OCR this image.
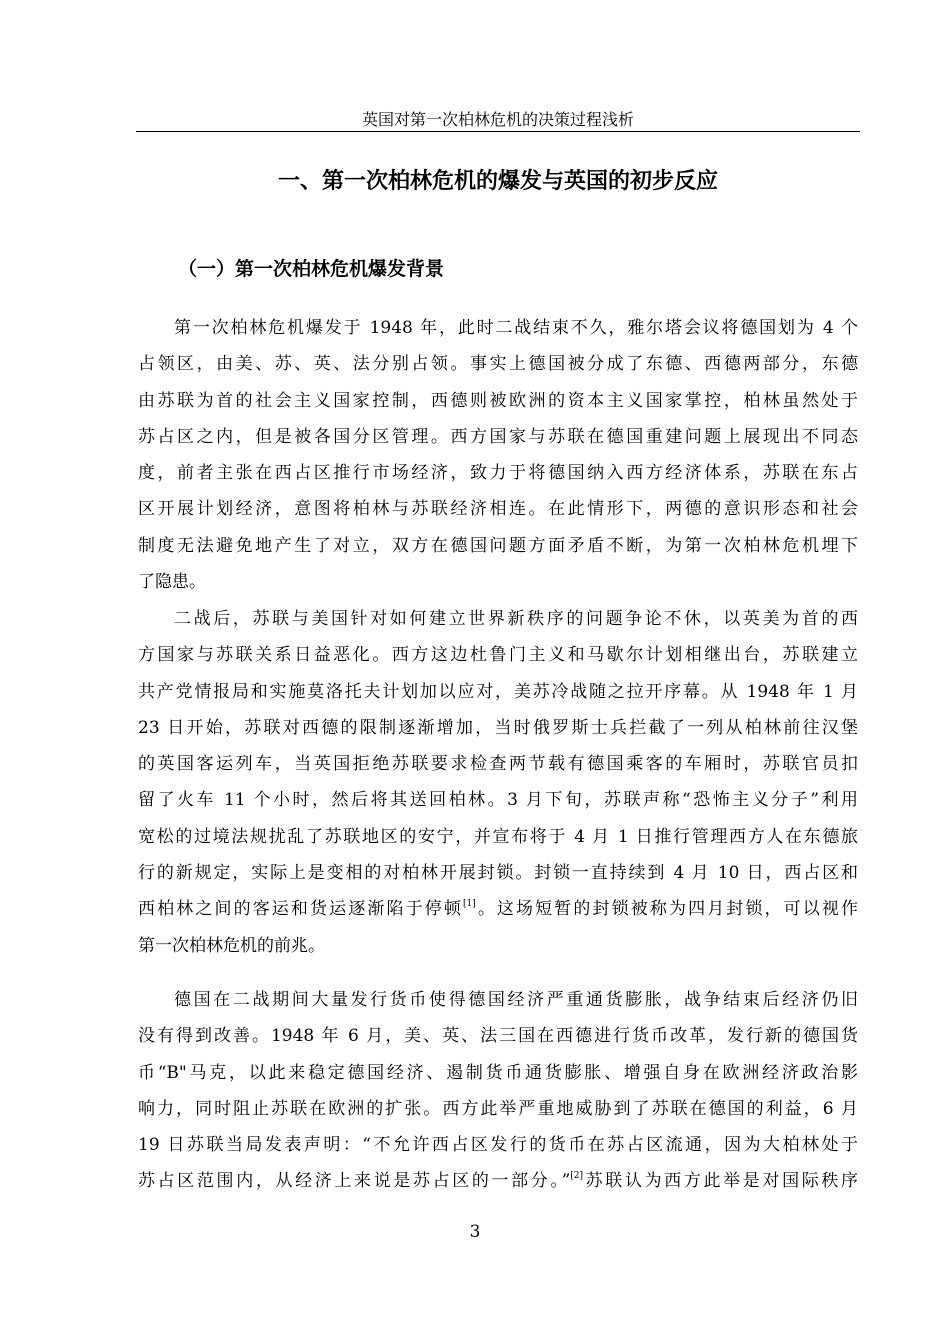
英国对第一次柏林危机的决策过程浅析
一、第一次柏林危机的爆发与英国的初步反应
（一）第一次柏林危机爆发背景
第一次柏林危机爆发于 1948 年，此时二战结束不久，雅尔塔会议将德国划为 4 个
占领区，由美、苏、英、法分别占领。事实上德国被分成了东德、西德两部分，东德
由苏联为首的社会主义国家控制，西德则被欧洲的资本主义国家掌控，柏林虽然处于
苏占区之内，但是被各国分区管理。西方国家与苏联在德国重建问题上展现出不同态
度，前者主张在西占区推行市场经济，致力于将德国纳入西方经济体系，苏联在东占
区开展计划经济，意图将柏林与苏联经济相连。在此情形下，两德的意识形态和社会
制度无法避免地产生了对立，双方在德国问题方面矛盾不断，为第一次柏林危机埋下
了隐患。
二战后，苏联与美国针对如何建立世界新秩序的问题争论不休，以英美为首的西
方国家与苏联关系日益恶化。西方这边杜鲁门主义和马歇尔计划相继出台，苏联建立
共产党情报局和实施莫洛托夫计划加以应对，美苏冷战随之拉开序幕。从 1948 年 1 月
23 日开始，苏联对西德的限制逐渐增加，当时俄罗斯士兵拦截了一列从柏林前往汉堡
的英国客运列车，当英国拒绝苏联要求检查两节载有德国乘客的车厢时，苏联官员扣
留了火车 11 个小时，然后将其送回柏林。3 月下旬，苏联声称“恐怖主义分子”利用
宽松的过境法规扰乱了苏联地区的安宁，并宣布将于 4 月 1 日推行管理西方人在东德旅
行的新规定，实际上是变相的对柏林开展封锁。封锁一直持续到 4 月 10 日，西占区和
西柏林之间的客运和货运逐渐陷于停顿[1]。这场短暂的封锁被称为四月封锁，可以视作
第一次柏林危机的前兆。
德国在二战期间大量发行货币使得德国经济严重通货膨胀，战争结束后经济仍旧
没有得到改善。1948 年 6 月，美、英、法三国在西德进行货币改革，发行新的德国货
币“B"马克，以此来稳定德国经济、遏制货币通货膨胀、增强自身在欧洲经济政治影
响力，同时阻止苏联在欧洲的扩张。西方此举严重地威胁到了苏联在德国的利益，6 月
19 日苏联当局发表声明：“不允许西占区发行的货币在苏占区流通，因为大柏林处于
苏占区范围内，从经济上来说是苏占区的一部分。”[2]苏联认为西方此举是对国际秩序
3
